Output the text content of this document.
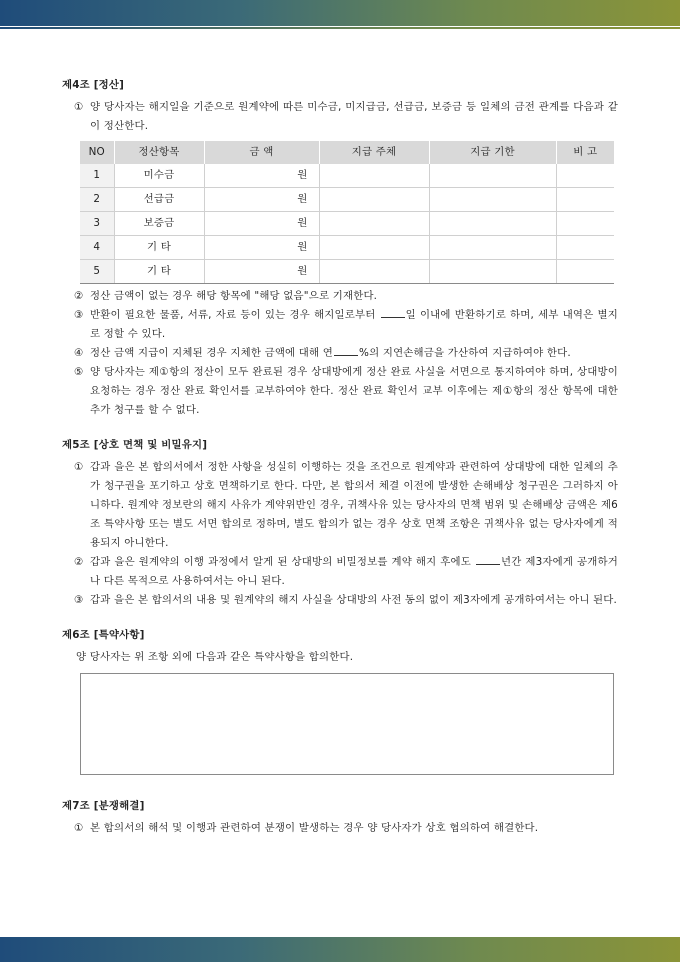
제4조 [정산]
① 양 당사자는 해지일을 기준으로 원계약에 따른 미수금, 미지급금, 선급금, 보증금 등 일체의 금전 관계를 다음과 같이 정산한다.
NO	정산항목	금 액	지급 주체	지급 기한	비 고
1	미수금	원			
2	선급금	원			
3	보증금	원			
4	기 타	원			
5	기 타	원			
② 정산 금액이 없는 경우 해당 항목에 "해당 없음"으로 기재한다.
③ 반환이 필요한 물품, 서류, 자료 등이 있는 경우 해지일로부터	일 이내에 반환하기로 하며, 세부 내역은 별지로 정할 수 있다.
④ 정산 금액 지급이 지체된 경우 지체한 금액에 대해 연	%의 지연손해금을 가산하여 지급하여야 한다.
⑤ 양 당사자는 제①항의 정산이 모두 완료된 경우 상대방에게 정산 완료 사실을 서면으로 통지하여야 하며, 상대방이 요청하는 경우 정산 완료 확인서를 교부하여야 한다. 정산 완료 확인서 교부 이후에는 제①항의 정산 항목에 대한 추가 청구를 할 수 없다.
제5조 [상호 면책 및 비밀유지]
① 갑과 을은 본 합의서에서 정한 사항을 성실히 이행하는 것을 조건으로 원계약과 관련하여 상대방에 대한 일체의 추가 청구권을 포기하고 상호 면책하기로 한다. 다만, 본 합의서 체결 이전에 발생한 손해배상 청구권은 그러하지 아니하다. 원계약 정보란의 해지 사유가 계약위반인 경우, 귀책사유 있는 당사자의 면책 범위 및 손해배상 금액은 제6조 특약사항 또는 별도 서면 합의로 정하며, 별도 합의가 없는 경우 상호 면책 조항은 귀책사유 없는 당사자에게 적용되지 아니한다.
② 갑과 을은 원계약의 이행 과정에서 알게 된 상대방의 비밀정보를 계약 해지 후에도	년간 제3자에게 공개하거나 다른 목적으로 사용하여서는 아니 된다.
③ 갑과 을은 본 합의서의 내용 및 원계약의 해지 사실을 상대방의 사전 동의 없이 제3자에게 공개하여서는 아니 된다.
제6조 [특약사항]
양 당사자는 위 조항 외에 다음과 같은 특약사항을 합의한다.
제7조 [분쟁해결]
① 본 합의서의 해석 및 이행과 관련하여 분쟁이 발생하는 경우 양 당사자가 상호 협의하여 해결한다.
